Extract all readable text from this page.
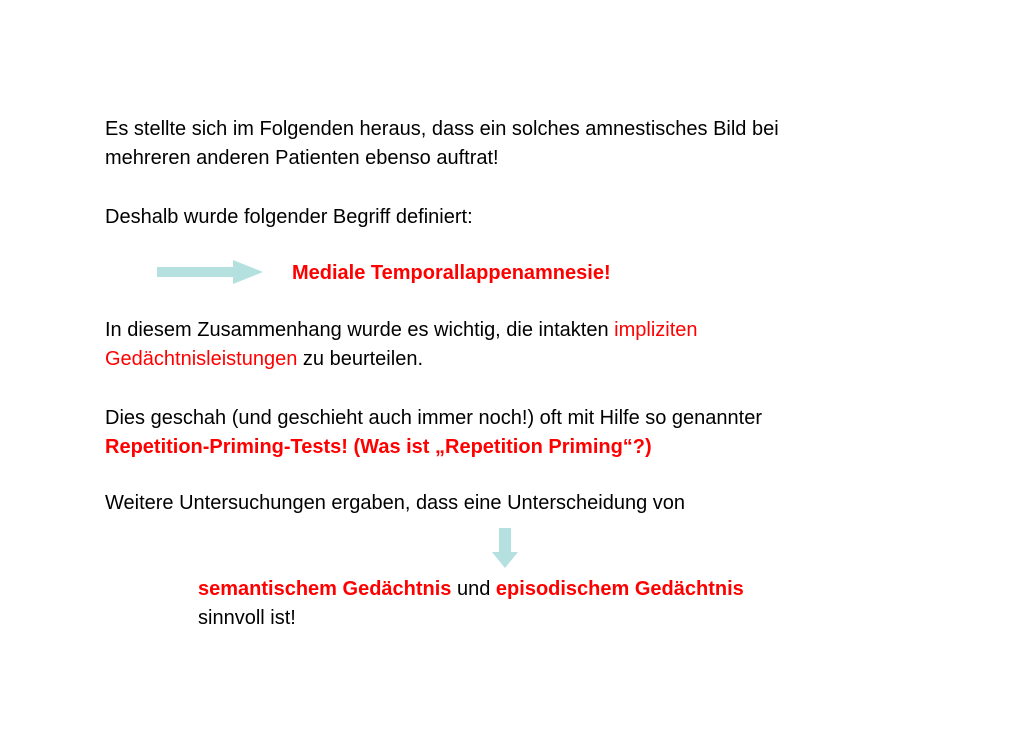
Es stellte sich im Folgenden heraus, dass ein solches amnestisches Bild bei
mehreren anderen Patienten ebenso auftrat!
Deshalb wurde folgender Begriff definiert:
Mediale Temporallappenamnesie!
In diesem Zusammenhang wurde es wichtig, die intakten impliziten
Gedächtnisleistungen zu beurteilen.
Dies geschah (und geschieht auch immer noch!) oft mit Hilfe so genannter
Repetition-Priming-Tests! (Was ist „Repetition Priming“?)
Weitere Untersuchungen ergaben, dass eine Unterscheidung von
semantischem Gedächtnis und episodischem Gedächtnis
sinnvoll ist!
